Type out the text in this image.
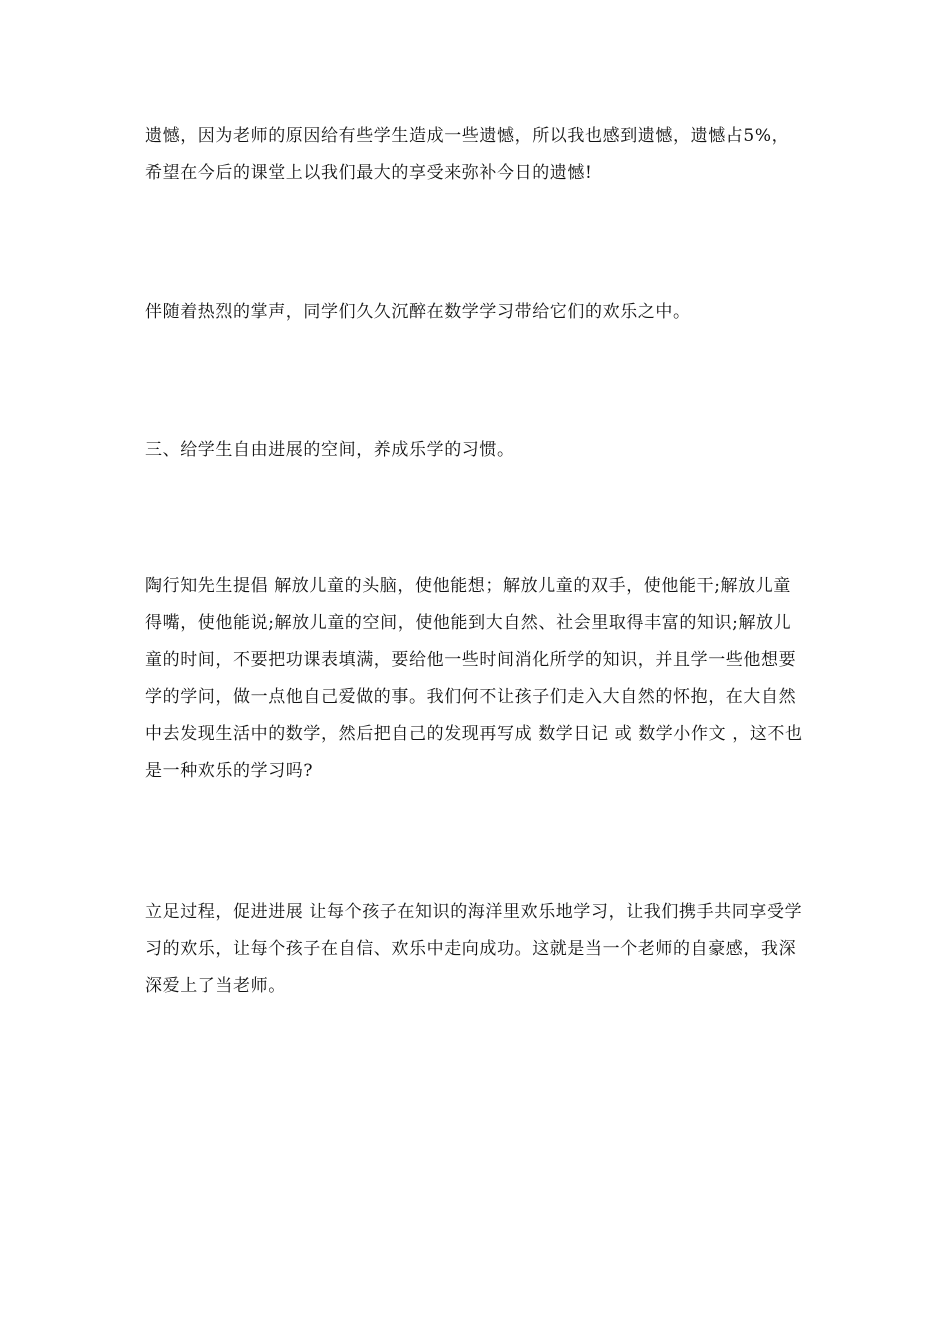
遗憾，因为老师的原因给有些学生造成一些遗憾，所以我也感到遗憾，遗憾占5%，希望在今后的课堂上以我们最大的享受来弥补今日的遗憾!

伴随着热烈的掌声，同学们久久沉醉在数学学习带给它们的欢乐之中。

三、给学生自由进展的空间，养成乐学的习惯。

陶行知先生提倡 解放儿童的头脑，使他能想；解放儿童的双手，使他能干;解放儿童得嘴，使他能说;解放儿童的空间，使他能到大自然、社会里取得丰富的知识;解放儿童的时间，不要把功课表填满，要给他一些时间消化所学的知识，并且学一些他想要学的学问，做一点他自己爱做的事。我们何不让孩子们走入大自然的怀抱，在大自然中去发现生活中的数学，然后把自己的发现再写成 数学日记 或 数学小作文 ，这不也是一种欢乐的学习吗?

立足过程，促进进展 让每个孩子在知识的海洋里欢乐地学习，让我们携手共同享受学习的欢乐，让每个孩子在自信、欢乐中走向成功。这就是当一个老师的自豪感，我深深爱上了当老师。
